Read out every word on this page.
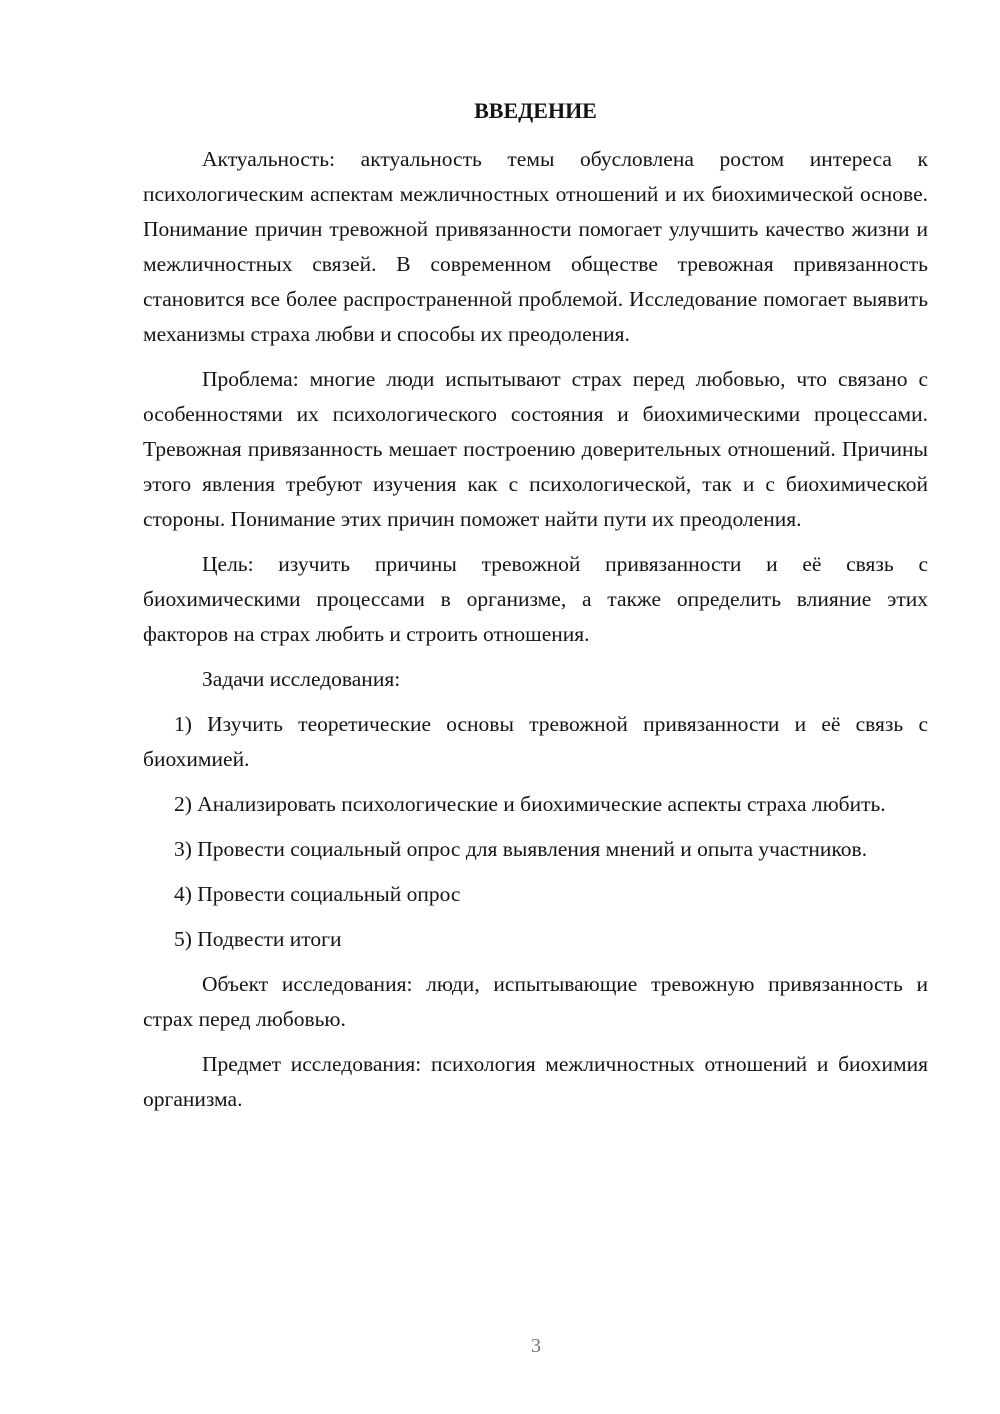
ВВЕДЕНИЕ

Актуальность: актуальность темы обусловлена ростом интереса к психологическим аспектам межличностных отношений и их биохимической основе. Понимание причин тревожной привязанности помогает улучшить качество жизни и межличностных связей. В современном обществе тревожная привязанность становится все более распространенной проблемой. Исследование помогает выявить механизмы страха любви и способы их преодоления.

Проблема: многие люди испытывают страх перед любовью, что связано с особенностями их психологического состояния и биохимическими процессами. Тревожная привязанность мешает построению доверительных отношений. Причины этого явления требуют изучения как с психологической, так и с биохимической стороны. Понимание этих причин поможет найти пути их преодоления.

Цель: изучить причины тревожной привязанности и её связь с биохимическими процессами в организме, а также определить влияние этих факторов на страх любить и строить отношения.

Задачи исследования:

1) Изучить теоретические основы тревожной привязанности и её связь с биохимией.

2) Анализировать психологические и биохимические аспекты страха любить.

3) Провести социальный опрос для выявления мнений и опыта участников.

4) Провести социальный опрос

5) Подвести итоги

Объект исследования: люди, испытывающие тревожную привязанность и страх перед любовью.

Предмет исследования: психология межличностных отношений и биохимия организма.

3
